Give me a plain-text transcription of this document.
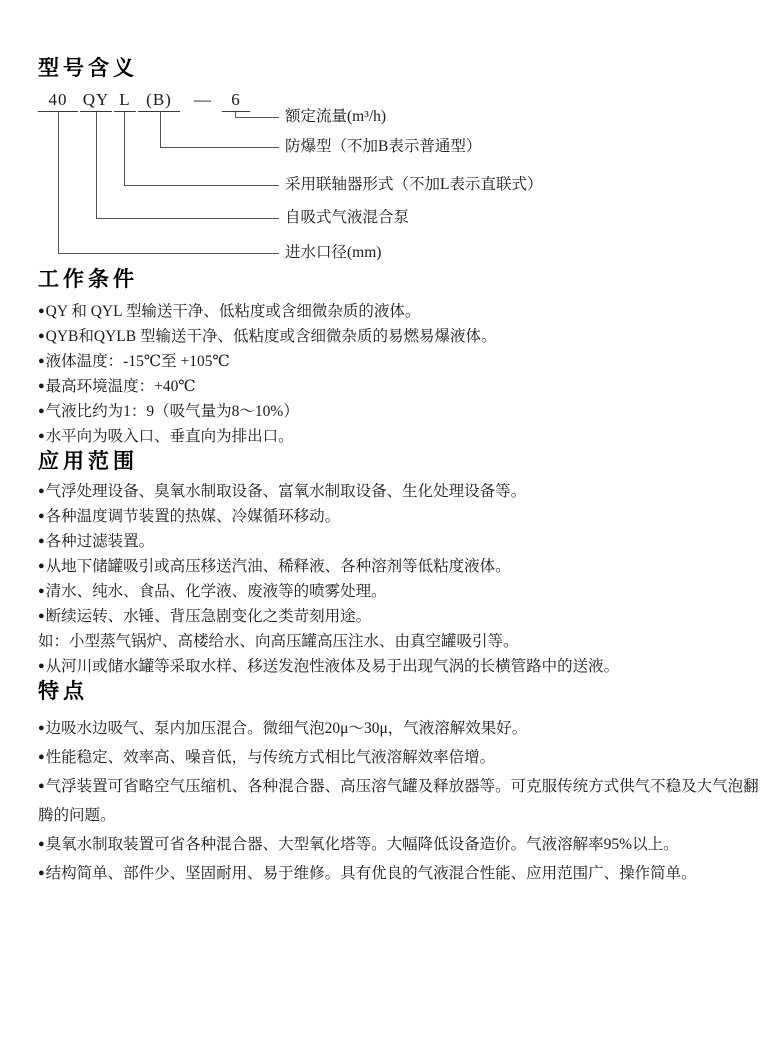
型号含义
40 QY L (B)	—	6
额定流量(m³/h)
防爆型（不加B表示普通型）
采用联轴器形式（不加L表示直联式）
自吸式气液混合泵
进水口径(mm)
工作条件
●QY 和 QYL 型输送干净、低粘度或含细微杂质的液体。
●QYB和QYLB 型输送干净、低粘度或含细微杂质的易燃易爆液体。
●液体温度：-15℃至 +105℃
●最高环境温度：+40℃
●气液比约为1：9（吸气量为8～10%）
●水平向为吸入口、垂直向为排出口。
应用范围
●气浮处理设备、臭氧水制取设备、富氧水制取设备、生化处理设备等。
●各种温度调节装置的热媒、冷媒循环移动。
●各种过滤装置。
●从地下储罐吸引或高压移送汽油、稀释液、各种溶剂等低粘度液体。
●清水、纯水、食品、化学液、废液等的喷雾处理。
●断续运转、水锤、背压急剧变化之类苛刻用途。
如：小型蒸气锅炉、高楼给水、向高压罐高压注水、由真空罐吸引等。
●从河川或储水罐等采取水样、移送发泡性液体及易于出现气涡的长横管路中的送液。
特点
●边吸水边吸气、泵内加压混合。微细气泡20μ～30μ，气液溶解效果好。
●性能稳定、效率高、噪音低，与传统方式相比气液溶解效率倍增。
●气浮装置可省略空气压缩机、各种混合器、高压溶气罐及释放器等。可克服传统方式供气不稳及大气泡翻腾的问题。
●臭氧水制取装置可省各种混合器、大型氧化塔等。大幅降低设备造价。气液溶解率95%以上。
●结构简单、部件少、坚固耐用、易于维修。具有优良的气液混合性能、应用范围广、操作简单。
